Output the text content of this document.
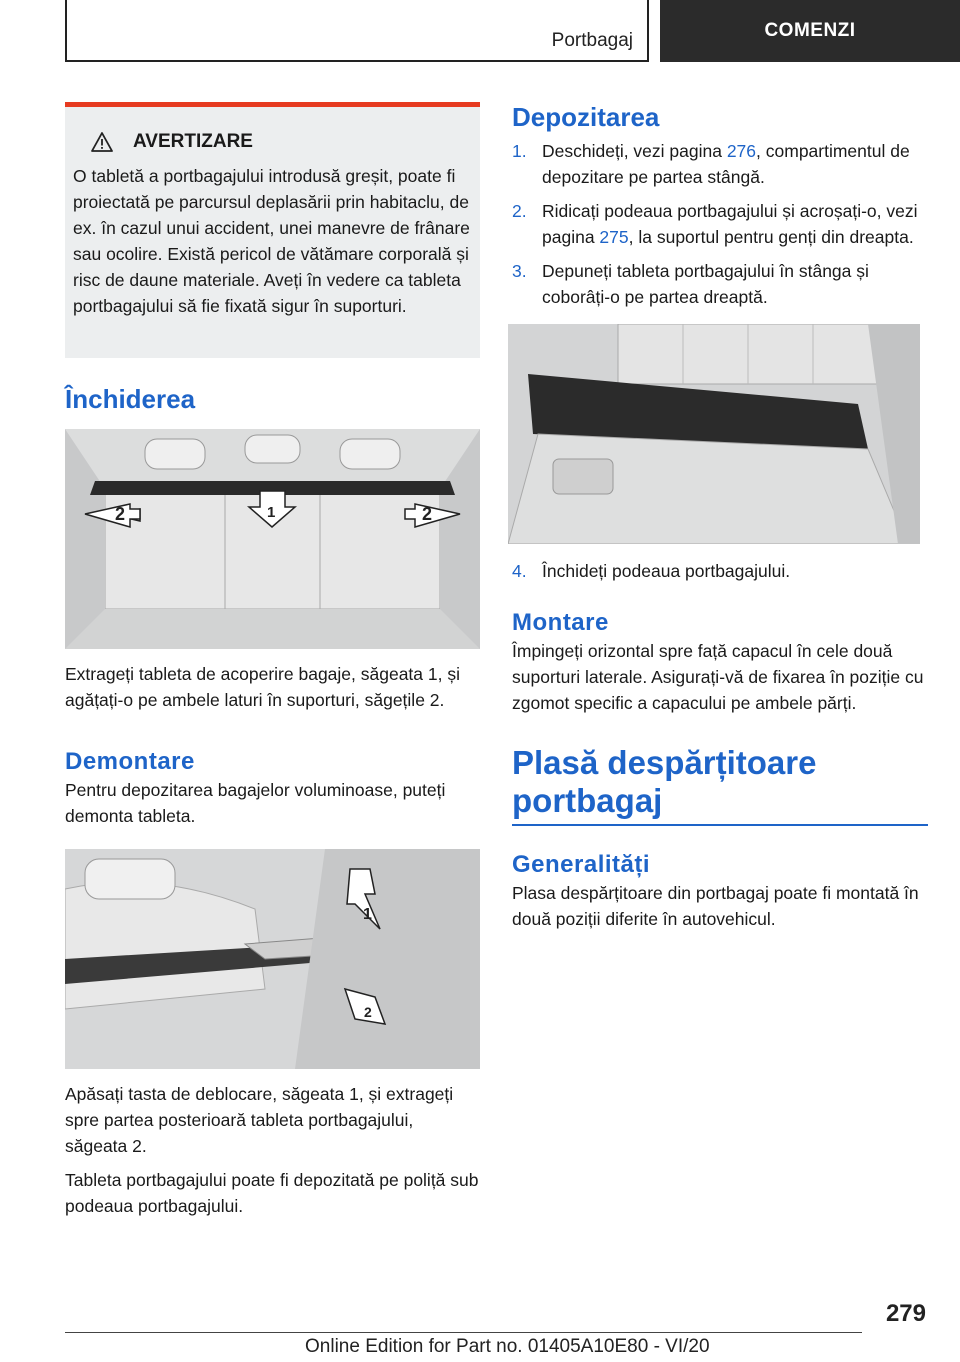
Portbagaj	COMENZI
AVERTIZARE

O tabletă a portbagajului introdusă greșit, poate fi proiectată pe parcursul deplasării prin habitaclu, de ex. în cazul unui accident, unei manevre de frânare sau ocolire. Există pericol de vătămare corporală și risc de daune materiale. Aveți în vedere ca tableta portbagajului să fie fixată sigur în suporturi.

Închiderea
2	1	2

Extrageți tableta de acoperire bagaje, săgeata 1, și agățați-o pe ambele laturi în suporturi, săgețile 2.

Demontare

Pentru depozitarea bagajelor voluminoase, puteți demonta tableta.

1
2

Apăsați tasta de deblocare, săgeata 1, și extrageți spre partea posterioară tableta portbagajului, săgeata 2.

Tableta portbagajului poate fi depozitată pe poliță sub podeaua portbagajului.

Depozitarea
1. Deschideți, vezi pagina 276, compartimentul de depozitare pe partea stângă.
2. Ridicați podeaua portbagajului și acroșați-o, vezi pagina 275, la suportul pentru genți din dreapta.
3. Depuneți tableta portbagajului în stânga și coborâți-o pe partea dreaptă.
4. Închideți podeaua portbagajului.
Montare

Împingeți orizontal spre față capacul în cele două suporturi laterale. Asigurați-vă de fixarea în poziție cu zgomot specific a capacului pe ambele părți.

Plasă despărțitoare portbagaj
Generalități

Plasa despărțitoare din portbagaj poate fi montată în două poziții diferite în autovehicul.

279
Online Edition for Part no. 01405A10E80 - VI/20
